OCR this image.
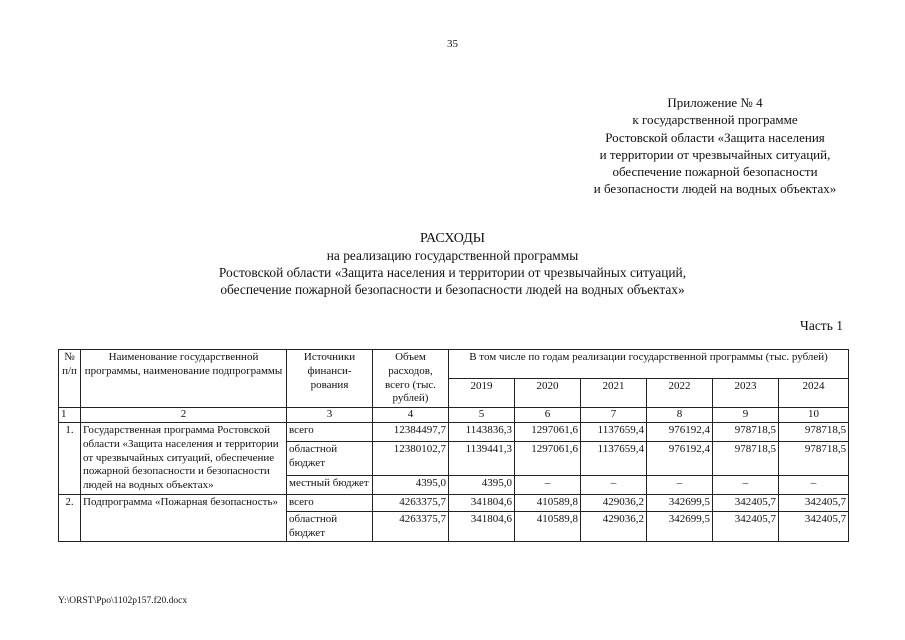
35
Приложение № 4
к государственной программе
Ростовской области «Защита населения
и территории от чрезвычайных ситуаций,
обеспечение пожарной безопасности
и безопасности людей на водных объектах»
РАСХОДЫ
на реализацию государственной программы
Ростовской области «Защита населения и территории от чрезвычайных ситуаций,
обеспечение пожарной безопасности и безопасности людей на водных объектах»
Часть 1
№ п/п	Наименование государственной программы, наименование подпрограммы	Источники финанси-рования	Объем расходов, всего (тыс. рублей)	В том числе по годам реализации государственной программы (тыс. рублей)					
				2019	2020	2021	2022	2023	2024
1	2	3	4	5	6	7	8	9	10
1.	Государственная программа Ростовской области «Защита населения и территории от чрезвычайных ситуаций, обеспечение пожарной безопасности и безопасности людей на водных объектах»	всего	12384497,7	1143836,3	1297061,6	1137659,4	976192,4	978718,5	978718,5
		областной бюджет	12380102,7	1139441,3	1297061,6	1137659,4	976192,4	978718,5	978718,5
		местный бюджет	4395,0	4395,0	–	–	–	–	–
2.	Подпрограмма «Пожарная безопасность»	всего	4263375,7	341804,6	410589,8	429036,2	342699,5	342405,7	342405,7
		областной бюджет	4263375,7	341804,6	410589,8	429036,2	342699,5	342405,7	342405,7
Y:\ORST\Ppo\1102p157.f20.docx
